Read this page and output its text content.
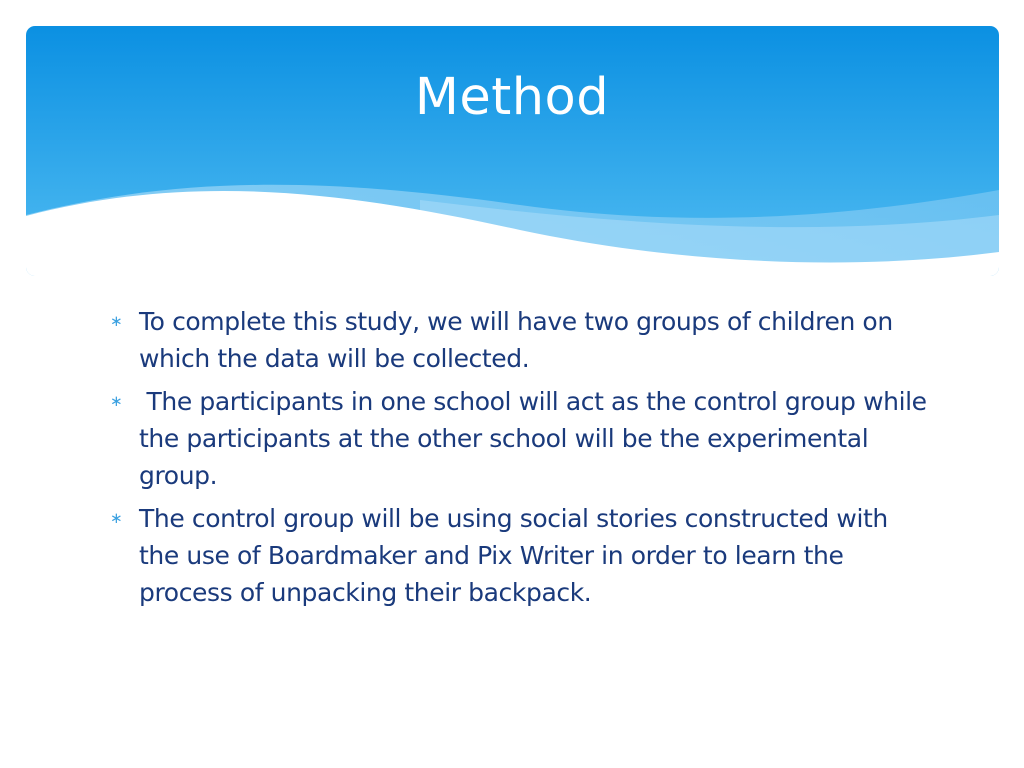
Method
∗ To complete this study, we will have two groups of children on which the data will be collected.
∗ The participants in one school will act as the control group while the participants at the other school will be the experimental group.
∗ The control group will be using social stories constructed with the use of Boardmaker and Pix Writer in order to learn the process of unpacking their backpack.
